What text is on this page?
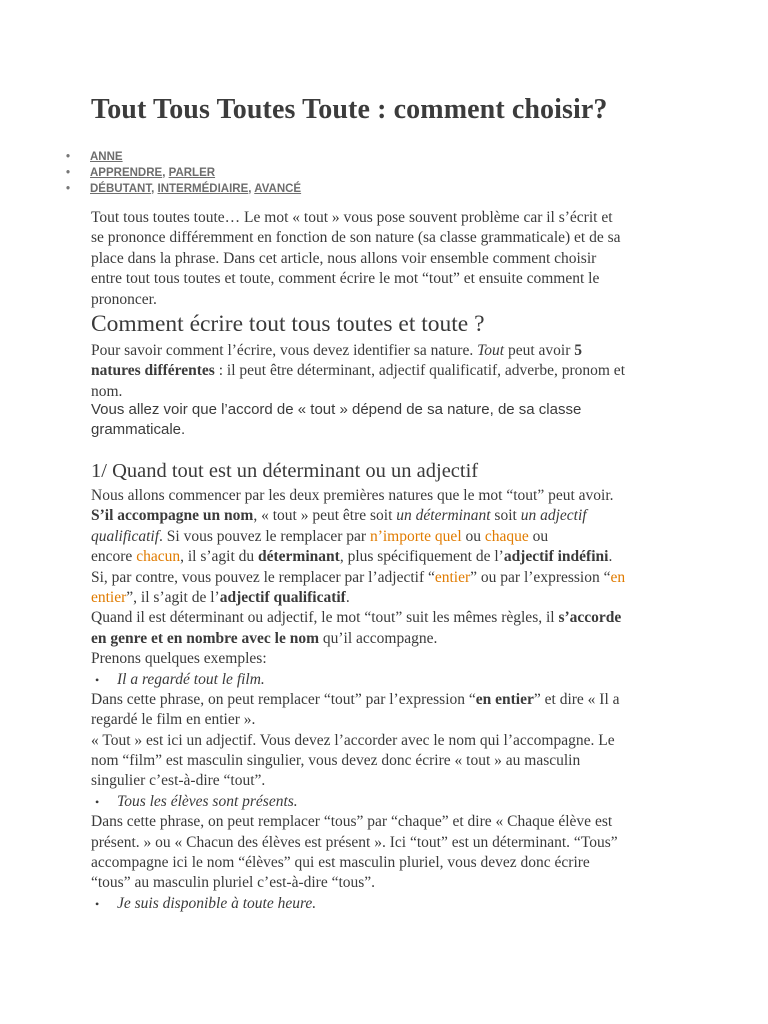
Tout Tous Toutes Toute : comment choisir?
• ANNE
• APPRENDRE, PARLER
• DÉBUTANT, INTERMÉDIAIRE, AVANCÉ
Tout tous toutes toute… Le mot « tout » vous pose souvent problème car il s’écrit et
se prononce différemment en fonction de son nature (sa classe grammaticale) et de sa
place dans la phrase. Dans cet article, nous allons voir ensemble comment choisir
entre tout tous toutes et toute, comment écrire le mot “tout” et ensuite comment le
prononcer.
Comment écrire tout tous toutes et toute ?
Pour savoir comment l’écrire, vous devez identifier sa nature. Tout peut avoir 5
natures différentes : il peut être déterminant, adjectif qualificatif, adverbe, pronom et
nom.
Vous allez voir que l’accord de « tout » dépend de sa nature, de sa classe
grammaticale.
1/ Quand tout est un déterminant ou un adjectif
Nous allons commencer par les deux premières natures que le mot “tout” peut avoir.
S’il accompagne un nom, « tout » peut être soit un déterminant soit un adjectif
qualificatif. Si vous pouvez le remplacer par n’importe quel ou chaque ou
encore chacun, il s’agit du déterminant, plus spécifiquement de l’adjectif indéfini.
Si, par contre, vous pouvez le remplacer par l’adjectif “entier” ou par l’expression “en
entier”, il s’agit de l’adjectif qualificatif.
Quand il est déterminant ou adjectif, le mot “tout” suit les mêmes règles, il s’accorde
en genre et en nombre avec le nom qu’il accompagne.
Prenons quelques exemples:
• Il a regardé tout le film.
Dans cette phrase, on peut remplacer “tout” par l’expression “en entier” et dire « Il a
regardé le film en entier ».
« Tout » est ici un adjectif. Vous devez l’accorder avec le nom qui l’accompagne. Le
nom “film” est masculin singulier, vous devez donc écrire « tout » au masculin
singulier c’est-à-dire “tout”.
• Tous les élèves sont présents.
Dans cette phrase, on peut remplacer “tous” par “chaque” et dire « Chaque élève est
présent. » ou « Chacun des élèves est présent ». Ici “tout” est un déterminant. “Tous”
accompagne ici le nom “élèves” qui est masculin pluriel, vous devez donc écrire
“tous” au masculin pluriel c’est-à-dire “tous”.
• Je suis disponible à toute heure.
